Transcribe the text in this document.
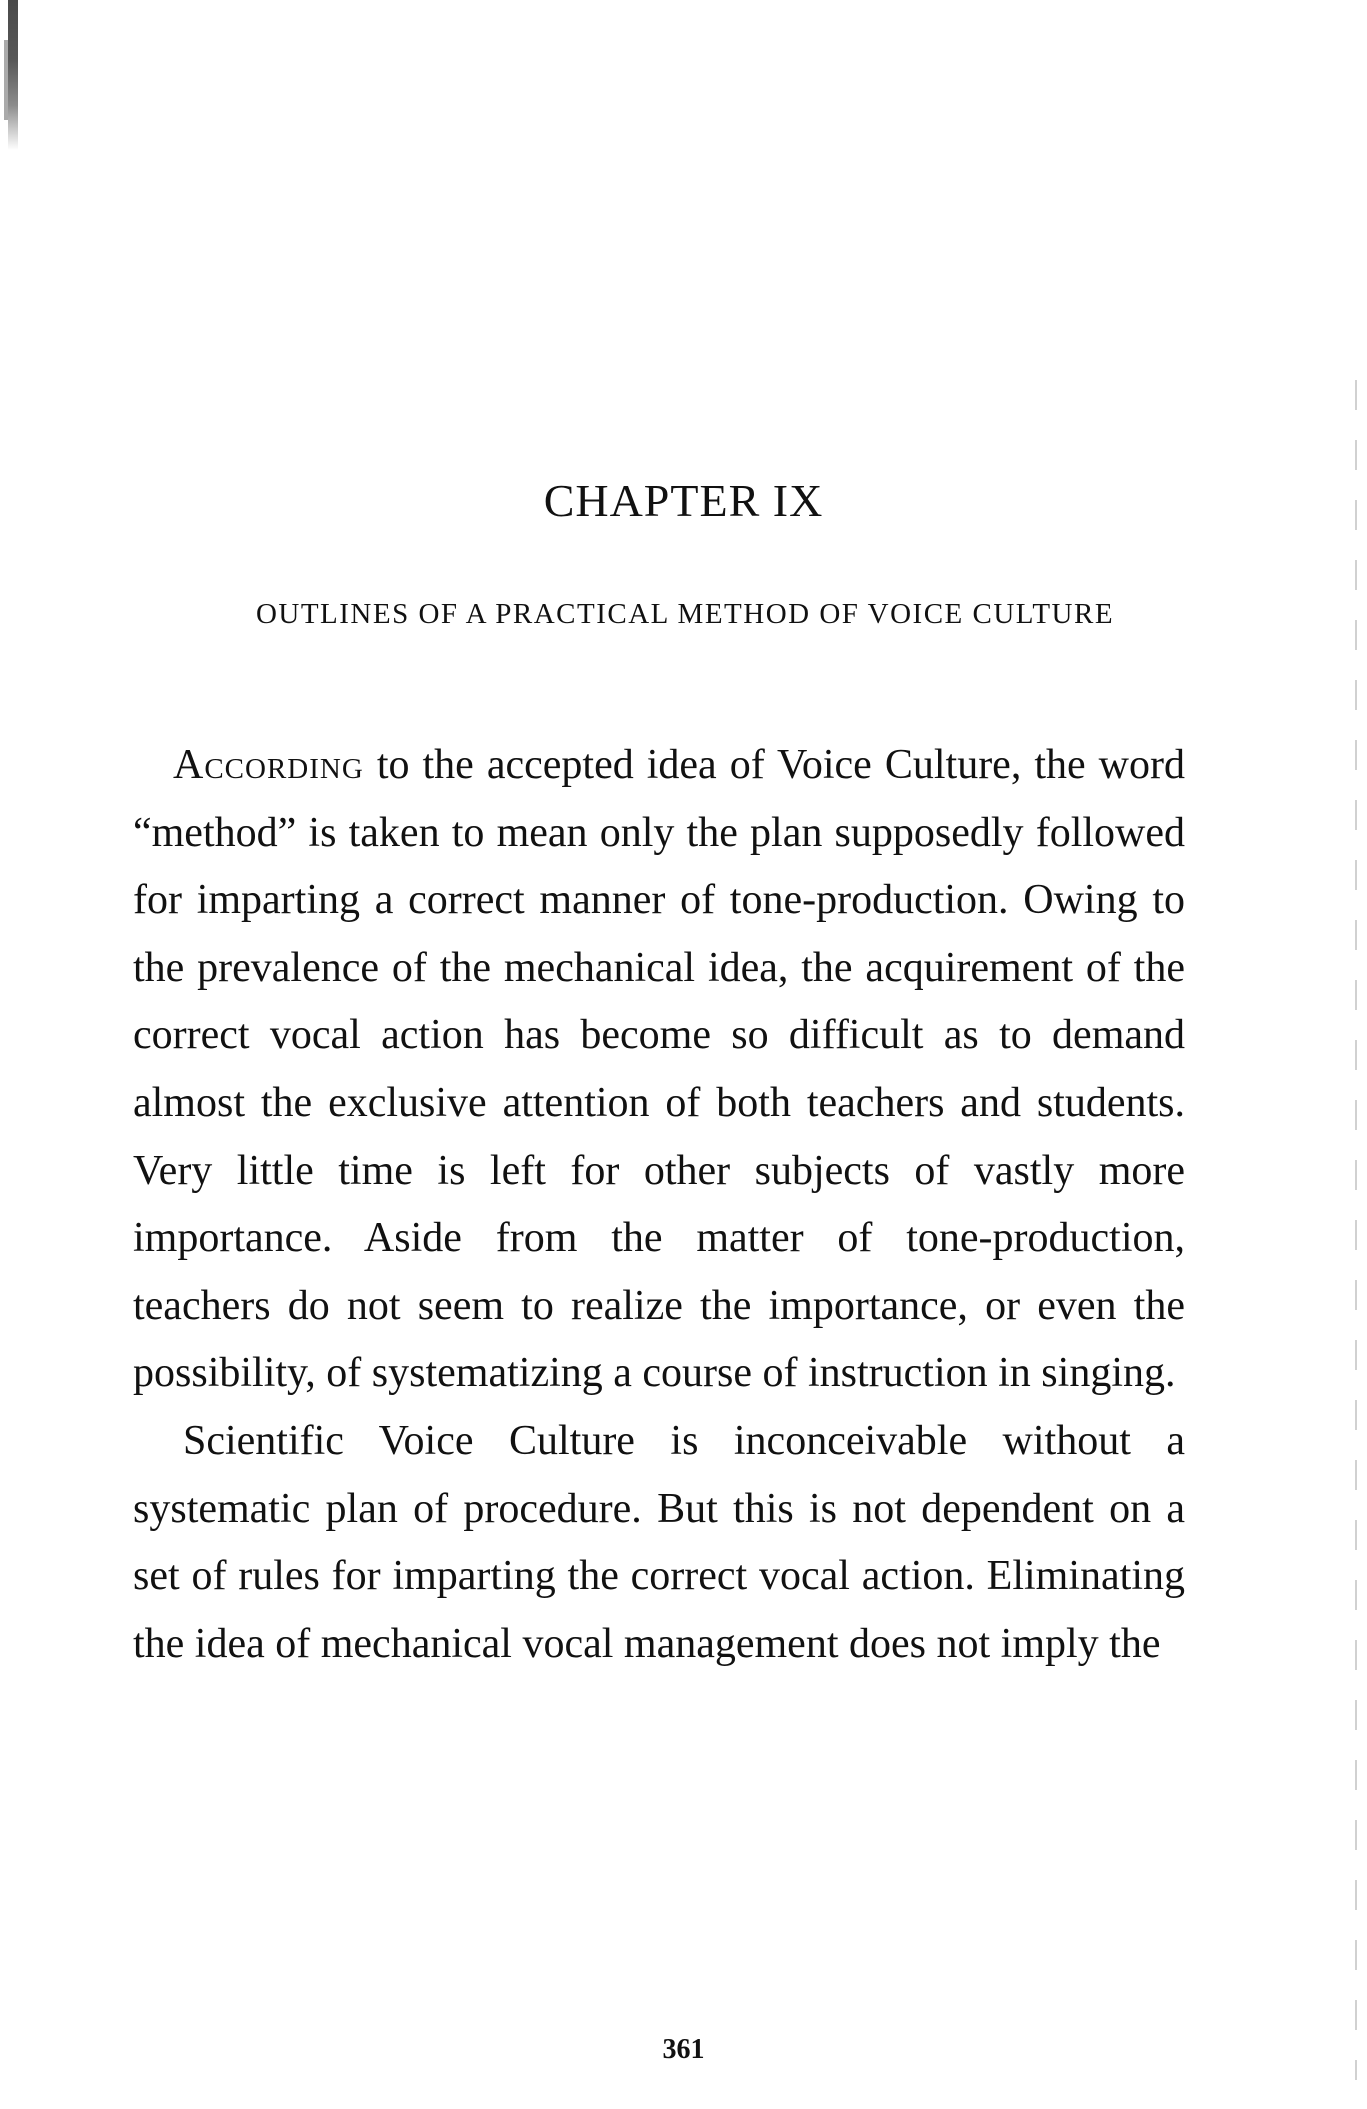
CHAPTER IX
OUTLINES OF A PRACTICAL METHOD OF VOICE CULTURE

According to the accepted idea of Voice Culture, the word “method” is taken to mean only the plan supposedly followed for imparting a correct manner of tone-production. Owing to the prevalence of the mechanical idea, the acquirement of the correct vocal action has become so difficult as to demand almost the exclusive attention of both teachers and students. Very little time is left for other subjects of vastly more importance. Aside from the matter of tone-production, teachers do not seem to realize the importance, or even the possibility, of systematizing a course of instruction in singing.

Scientific Voice Culture is inconceivable without a systematic plan of procedure. But this is not dependent on a set of rules for imparting the correct vocal action. Eliminating the idea of mechanical vocal management does not imply the

361
